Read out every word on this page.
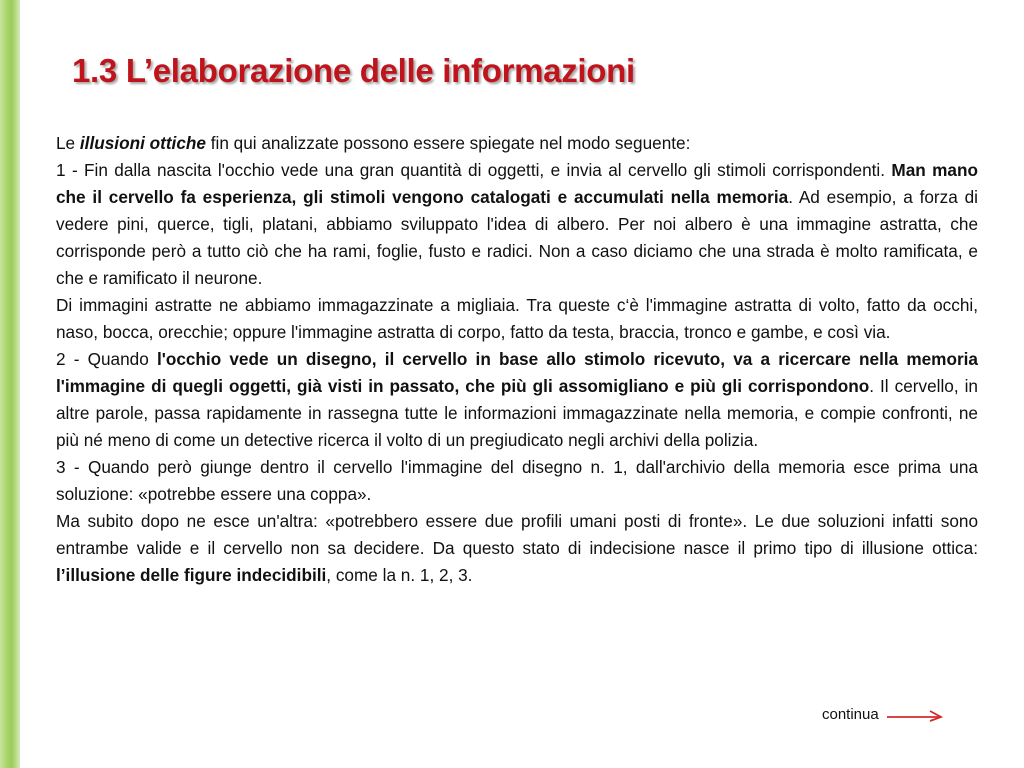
1.3 L’elaborazione delle informazioni

Le illusioni ottiche fin qui analizzate possono essere spiegate nel modo seguente:

1 - Fin dalla nascita l'occhio vede una gran quantità di oggetti, e invia al cervello gli stimoli corrispondenti. Man mano che il cervello fa esperienza, gli stimoli vengono catalogati e accumulati nella memoria. Ad esempio, a forza di vedere pini, querce, tigli, platani, abbiamo sviluppato l'idea di albero. Per noi albero è una immagine astratta, che corrisponde però a tutto ciò che ha rami, foglie, fusto e radici. Non a caso diciamo che una strada è molto ramificata, e che e ramificato il neurone.

Di immagini astratte ne abbiamo immagazzinate a migliaia. Tra queste c‘è l'immagine astratta di volto, fatto da occhi, naso, bocca, orecchie; oppure l'immagine astratta di corpo, fatto da testa, braccia, tronco e gambe, e così via.

2 - Quando l'occhio vede un disegno, il cervello in base allo stimolo ricevuto, va a ricercare nella memoria l'immagine di quegli oggetti, già visti in passato, che più gli assomigliano e più gli corrispondono. Il cervello, in altre parole, passa rapidamente in rassegna tutte le informazioni immagazzinate nella memoria, e compie confronti, ne più né meno di come un detective ricerca il volto di un pregiudicato negli archivi della polizia.

3 - Quando però giunge dentro il cervello l'immagine del disegno n. 1, dall'archivio della memoria esce prima una soluzione: «potrebbe essere una coppa».

Ma subito dopo ne esce un'altra: «potrebbero essere due profili umani posti di fronte». Le due soluzioni infatti sono entrambe valide e il cervello non sa decidere. Da questo stato di indecisione nasce il primo tipo di illusione ottica: l’illusione delle figure indecidibili, come la n. 1, 2, 3.

continua
